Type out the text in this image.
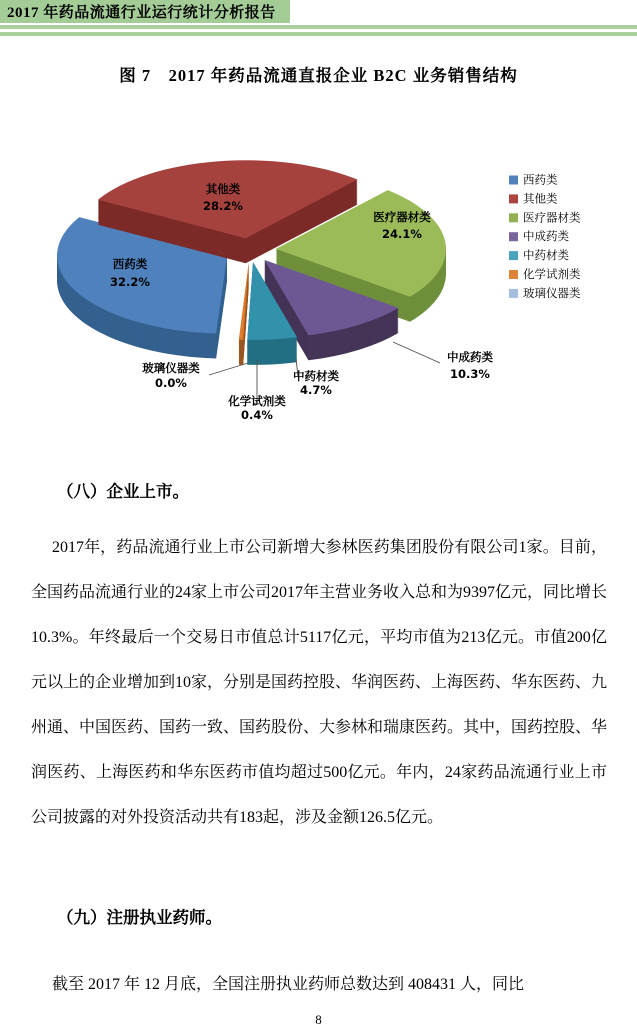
2017 年药品流通行业运行统计分析报告
图 7　2017 年药品流通直报企业 B2C 业务销售结构
西药类
32.2%
其他类
28.2%
医疗器材类
24.1%
中成药类
10.3%
中药材类
4.7%
化学试剂类
0.4%
玻璃仪器类
0.0%
西药类
其他类
医疗器材类
中成药类
中药材类
化学试剂类
玻璃仪器类
（八）企业上市。
2017年，药品流通行业上市公司新增大参林医药集团股份有限公司1家。目前，全国药品流通行业的24家上市公司2017年主营业务收入总和为9397亿元，同比增长10.3%。年终最后一个交易日市值总计5117亿元，平均市值为213亿元。市值200亿元以上的企业增加到10家，分别是国药控股、华润医药、上海医药、华东医药、九州通、中国医药、国药一致、国药股份、大参林和瑞康医药。其中，国药控股、华润医药、上海医药和华东医药市值均超过500亿元。年内，24家药品流通行业上市公司披露的对外投资活动共有183起，涉及金额126.5亿元。
（九）注册执业药师。
截至 2017 年 12 月底，全国注册执业药师总数达到 408431 人，同比
8
